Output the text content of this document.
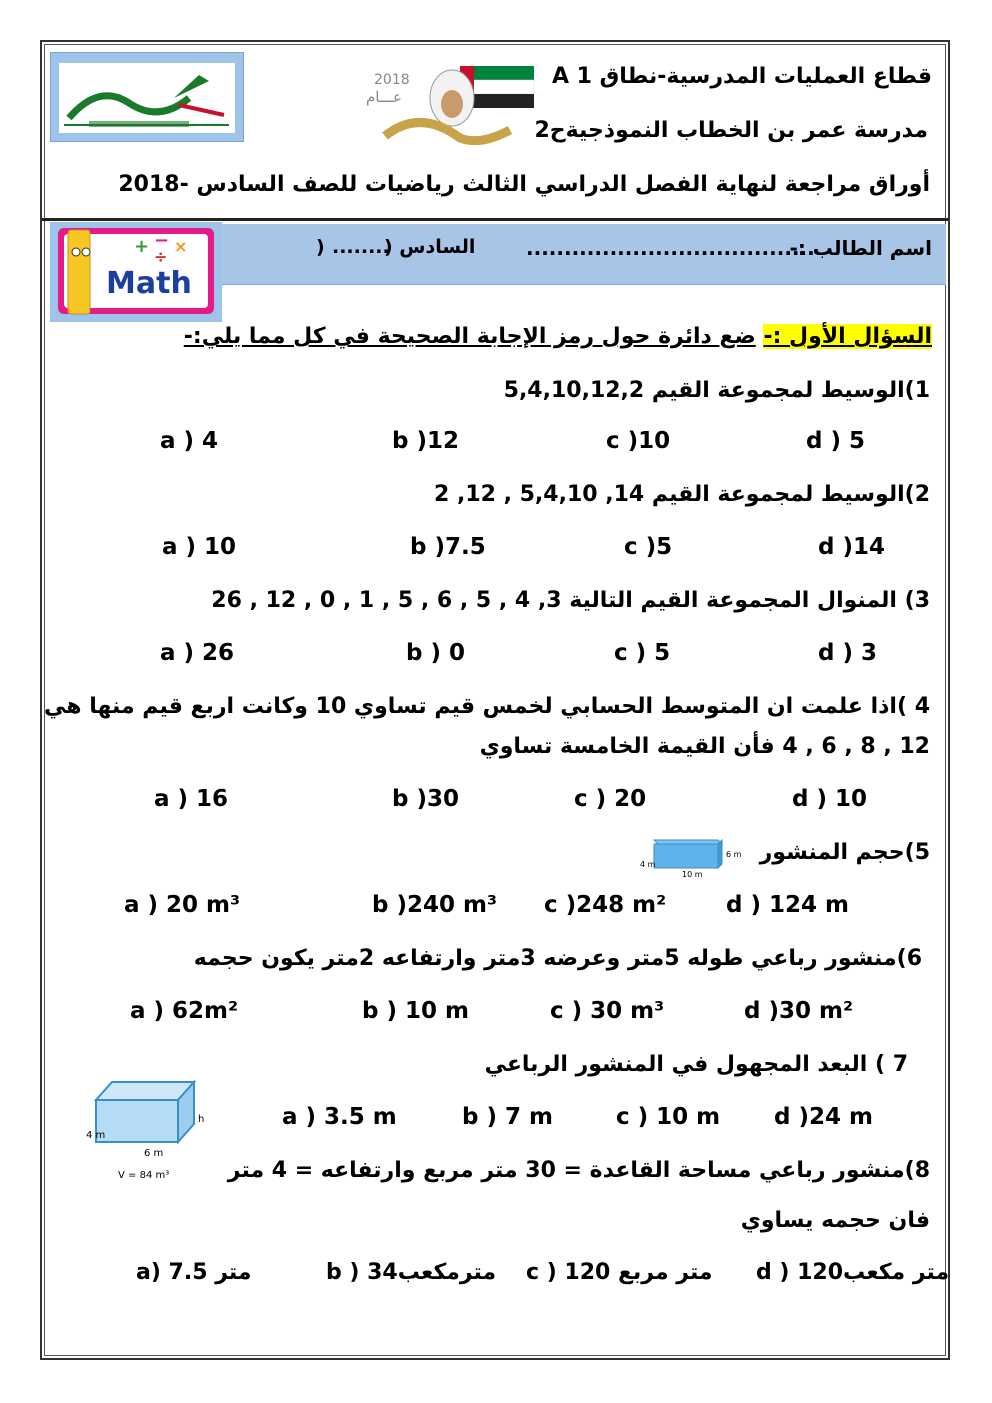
2018
عـــام
قطاع العمليات المدرسية-نطاق A 1
مدرسة عمر بن الخطاب النموذجيةح2
أوراق مراجعة لنهاية الفصل الدراسي الثالث رياضيات للصف السادس -2018
اسم الطالب :-
......................................
السادس (
........
)
+ − ×
÷
Math
السؤال الأول :- ضع دائرة حول رمز الإجابة الصحيحة في كل مما يلي:-
1)الوسيط لمجموعة القيم 5,4,10,12,2
a ) 4	b )12	c )10	d ) 5
2)الوسيط لمجموعة القيم 14, 5,4,10 , 12, 2
a ) 10	b )7.5	c )5	d )14
3) المنوال المجموعة القيم التالية 3, 4 , 5 , 6 , 5 , 1 , 0 , 12 , 26
a ) 26	b ) 0	c ) 5	d ) 3
4 )اذا علمت ان المتوسط الحسابي لخمس قيم تساوي 10 وكانت اربع قيم منها هي
12 , 8 , 6 , 4 فأن القيمة الخامسة تساوي
a ) 16	b )30	c ) 20	d ) 10
5)حجم المنشور
4 m
6 m
10 m
a ) 20 m³	b )240 m³ c )248 m²	d ) 124 m
6)منشور رباعي طوله 5متر وعرضه 3متر وارتفاعه 2متر يكون حجمه
a ) 62m²	b ) 10 m	c ) 30 m³	d )30 m²
7 ) البعد المجهول في المنشور الرباعي
4 m
6 m
h
V = 84 m³
a ) 3.5 m	b ) 7 m	c ) 10 m d )24 m
8)منشور رباعي مساحة القاعدة = 30 متر مربع وارتفاعه = 4 متر
فان حجمه يساوي
a) 7.5 متر	b ) 34مترمكعب c ) 120 متر مربع d ) 120متر مكعب
